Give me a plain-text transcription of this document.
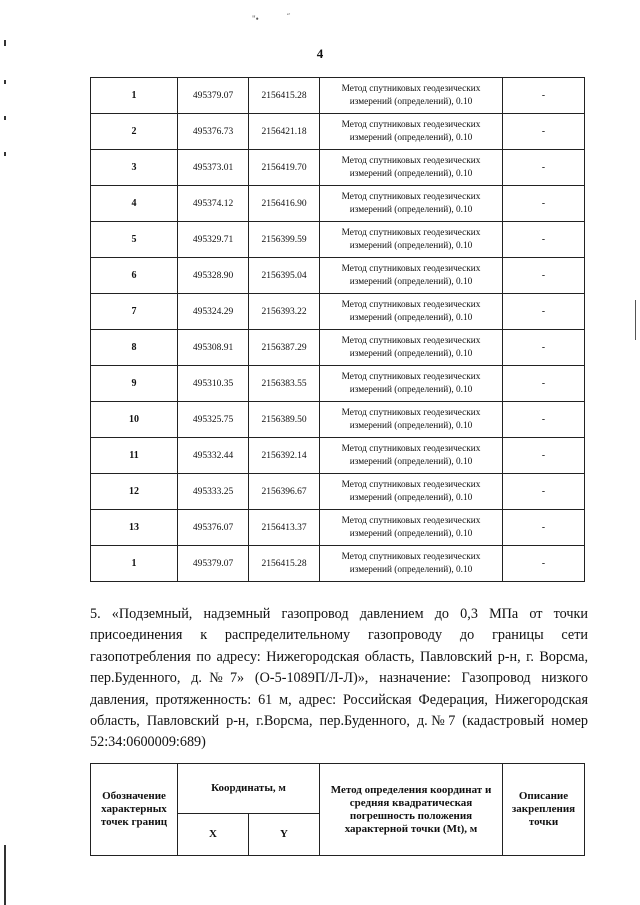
"•	˝
4
1	495379.07	2156415.28	Метод спутниковых геодезических
измерений (определений), 0.10	-
2	495376.73	2156421.18	Метод спутниковых геодезических
измерений (определений), 0.10	-
3	495373.01	2156419.70	Метод спутниковых геодезических
измерений (определений), 0.10	-
4	495374.12	2156416.90	Метод спутниковых геодезических
измерений (определений), 0.10	-
5	495329.71	2156399.59	Метод спутниковых геодезических
измерений (определений), 0.10	-
6	495328.90	2156395.04	Метод спутниковых геодезических
измерений (определений), 0.10	-
7	495324.29	2156393.22	Метод спутниковых геодезических
измерений (определений), 0.10	-
8	495308.91	2156387.29	Метод спутниковых геодезических
измерений (определений), 0.10	-
9	495310.35	2156383.55	Метод спутниковых геодезических
измерений (определений), 0.10	-
10	495325.75	2156389.50	Метод спутниковых геодезических
измерений (определений), 0.10	-
11	495332.44	2156392.14	Метод спутниковых геодезических
измерений (определений), 0.10	-
12	495333.25	2156396.67	Метод спутниковых геодезических
измерений (определений), 0.10	-
13	495376.07	2156413.37	Метод спутниковых геодезических
измерений (определений), 0.10	-
1	495379.07	2156415.28	Метод спутниковых геодезических
измерений (определений), 0.10	-

5. «Подземный, надземный газопровод давлением до 0,3 МПа от точки присоединения к распределительному газопроводу до границы сети газопотребления по адресу: Нижегородская область, Павловский р-н, г. Ворсма, пер.Буденного, д.№7» (О-5-1089П/Л-Л)», назначение: Газопровод низкого давления, протяженность: 61 м, адрес: Российская Федерация, Нижегородская область, Павловский р-н, г.Ворсма, пер.Буденного, д.№7 (кадастровый номер 52:34:0600009:689)

Обозначение характерных точек границ	Координаты, м		Метод определения координат и средняя квадратическая погрешность положения характерной точки (Mt), м	Описание закрепления точки
	X	Y		
